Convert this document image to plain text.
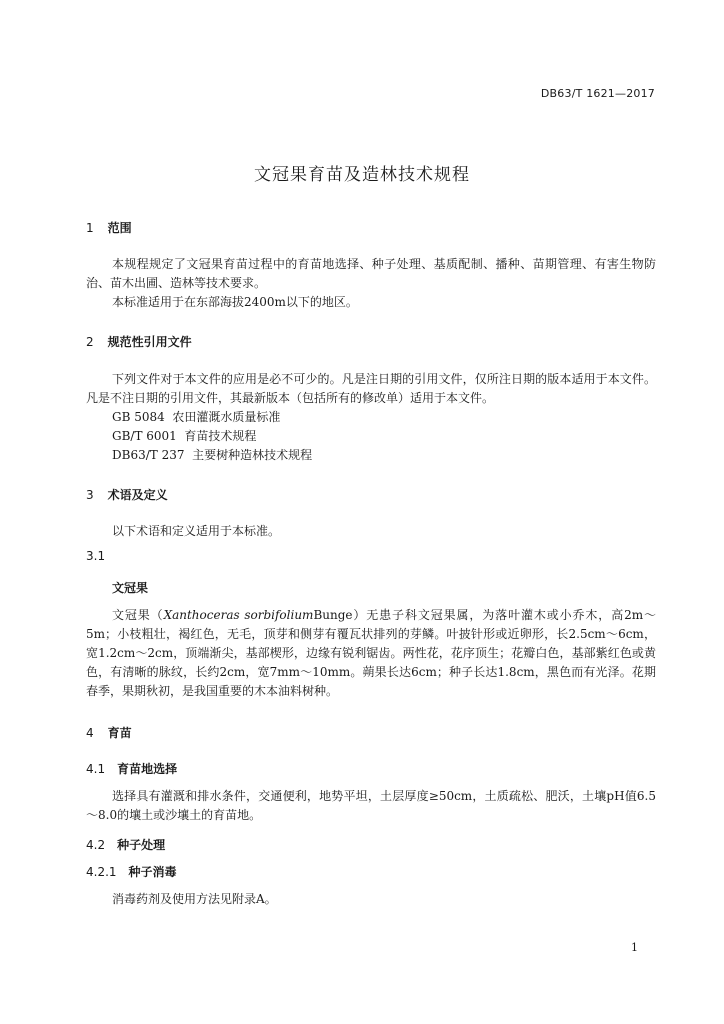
DB63/T 1621—2017
文冠果育苗及造林技术规程
1 范围
本规程规定了文冠果育苗过程中的育苗地选择、种子处理、基质配制、播种、苗期管理、有害生物防治、苗木出圃、造林等技术要求。
本标准适用于在东部海拔2400m以下的地区。
2 规范性引用文件
下列文件对于本文件的应用是必不可少的。凡是注日期的引用文件，仅所注日期的版本适用于本文件。凡是不注日期的引用文件，其最新版本（包括所有的修改单）适用于本文件。
GB 5084  农田灌溉水质量标准
GB/T 6001  育苗技术规程
DB63/T 237  主要树种造林技术规程
3 术语及定义
以下术语和定义适用于本标准。
3.1
文冠果
文冠果（Xanthoceras sorbifoliumBunge）无患子科文冠果属，为落叶灌木或小乔木，高2m～5m；小枝粗壮，褐红色，无毛，顶芽和侧芽有覆瓦状排列的芽鳞。叶披针形或近卵形，长2.5cm～6cm，宽1.2cm～2cm，顶端渐尖，基部楔形，边缘有锐利锯齿。两性花，花序顶生；花瓣白色，基部紫红色或黄色，有清晰的脉纹，长约2cm，宽7mm～10mm。蒴果长达6cm；种子长达1.8cm，黑色而有光泽。花期春季，果期秋初，是我国重要的木本油料树种。
4 育苗
4.1 育苗地选择
选择具有灌溉和排水条件，交通便利，地势平坦，土层厚度≥50cm，土质疏松、肥沃，土壤pH值6.5～8.0的壤土或沙壤土的育苗地。
4.2 种子处理
4.2.1 种子消毒
消毒药剂及使用方法见附录A。
1
